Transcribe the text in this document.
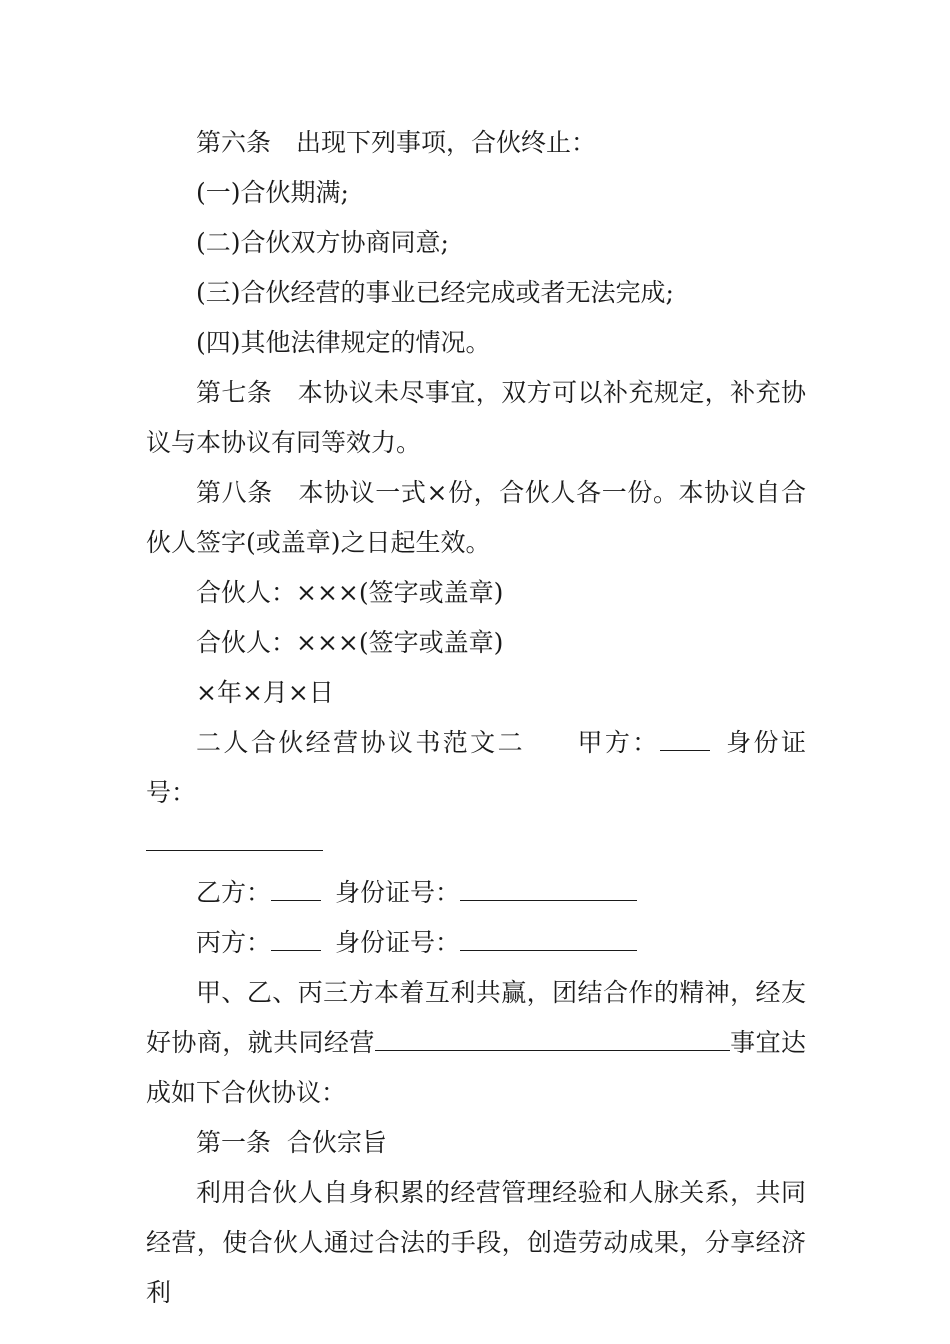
第六条　出现下列事项，合伙终止：

(一)合伙期满;

(二)合伙双方协商同意;

(三)合伙经营的事业已经完成或者无法完成;

(四)其他法律规定的情况。

第七条　本协议未尽事宜，双方可以补充规定，补充协议与本协议有同等效力。

第八条　本协议一式×份，合伙人各一份。本协议自合伙人签字(或盖章)之日起生效。

合伙人：×××(签字或盖章)

合伙人：×××(签字或盖章)

×年×月×日

二人合伙经营协议书范文二 甲方：	身份证号：

乙方：	身份证号：

丙方：	身份证号：

甲、乙、丙三方本着互利共赢，团结合作的精神，经友好协商，就共同经营	事宜达成如下合伙协议：

第一条  合伙宗旨

利用合伙人自身积累的经营管理经验和人脉关系，共同经营，使合伙人通过合法的手段，创造劳动成果，分享经济利
